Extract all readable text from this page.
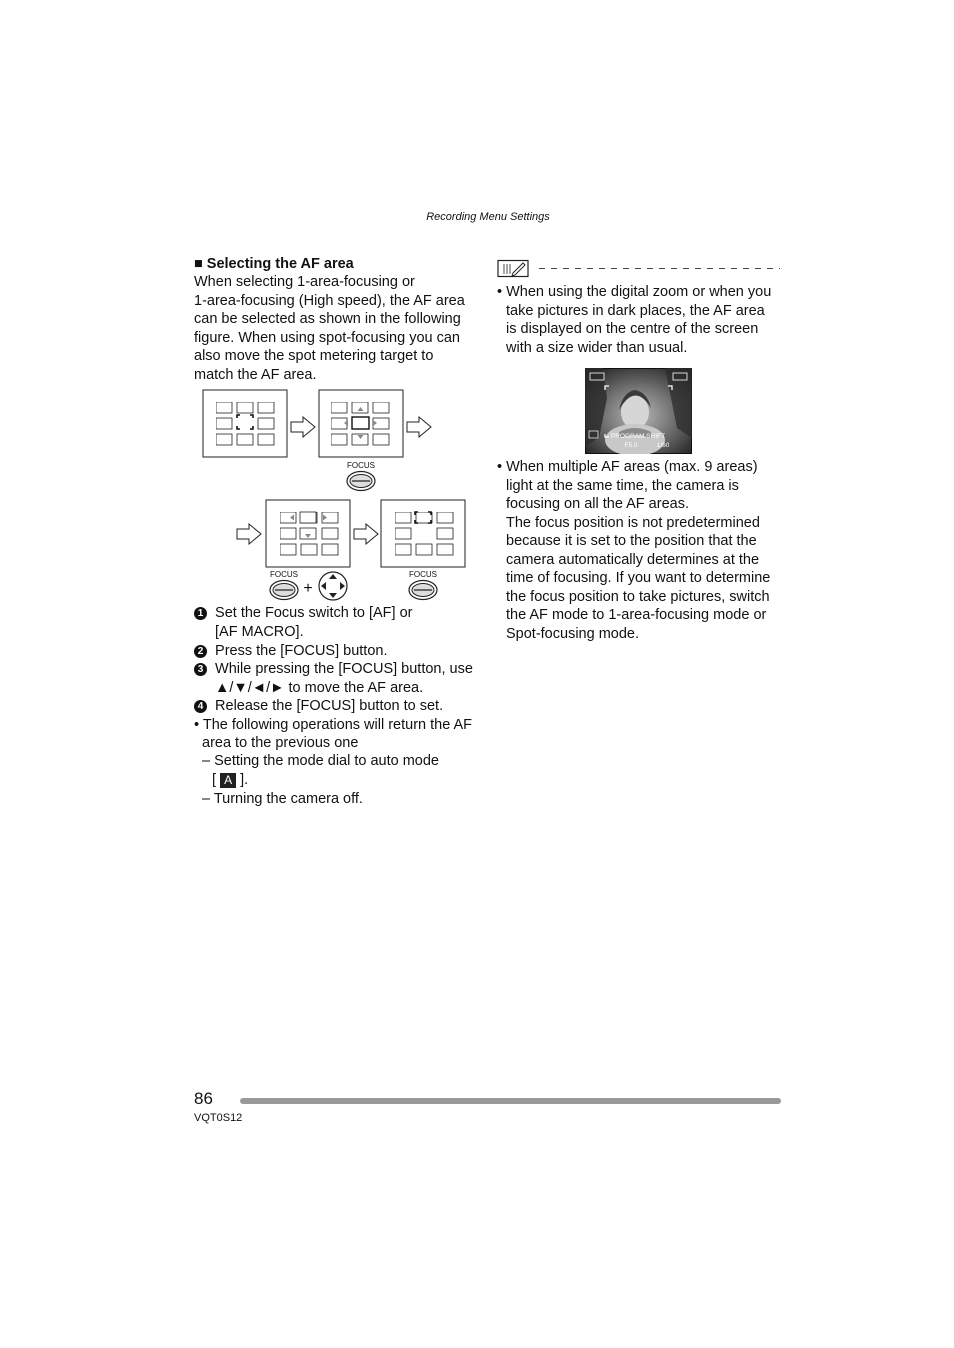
Recording Menu Settings
■ Selecting the AF area
When selecting 1-area-focusing or
1-area-focusing (High speed), the AF area
can be selected as shown in the following
figure. When using spot-focusing you can
also move the spot metering target to
match the AF area.
FOCUS
FOCUS
+
FOCUS
1 Set the Focus switch to [AF] or
[AF MACRO].
2 Press the [FOCUS] button.
3 While pressing the [FOCUS] button, use
▲/▼/◄/► to move the AF area.
4 Release the [FOCUS] button to set.
• The following operations will return the AF
area to the previous one
– Setting the mode dial to auto mode
[ A ].
– Turning the camera off.
• When using the digital zoom or when you
take pictures in dark places, the AF area
is displayed on the centre of the screen
with a size wider than usual.
PROGRAM SHIFT
F5.0	1/60
• When multiple AF areas (max. 9 areas)
light at the same time, the camera is
focusing on all the AF areas.
The focus position is not predetermined
because it is set to the position that the
camera automatically determines at the
time of focusing. If you want to determine
the focus position to take pictures, switch
the AF mode to 1-area-focusing mode or
Spot-focusing mode.
86
VQT0S12
